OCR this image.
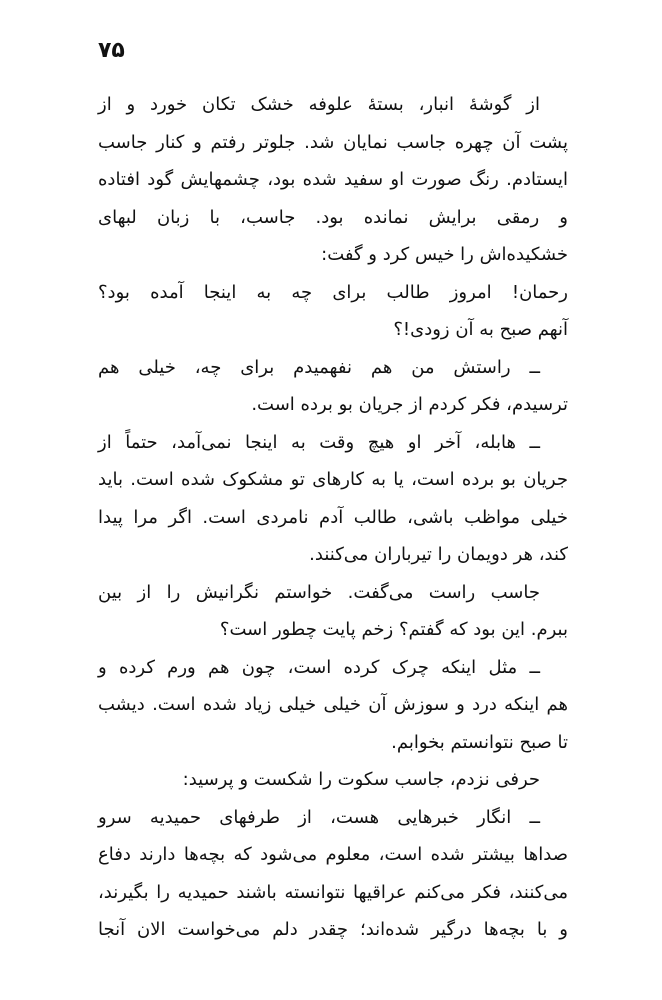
۷۵
از گوشهٔ انبار، بستهٔ علوفه خشک تکان خورد و از
پشت آن چهره جاسب نمایان شد. جلوتر رفتم و کنار جاسب
ایستادم. رنگ صورت او سفید شده بود، چشمهایش گود افتاده
و رمقی برایش نمانده بود. جاسب، با زبان لبهای
خشکیده‌اش را خیس کرد و گفت:
رحمان! امروز طالب برای چه به اینجا آمده بود؟
آنهم صبح به آن زودی!؟
ــ راستش من هم نفهمیدم برای چه، خیلی هم
ترسیدم، فکر کردم از جریان بو برده است.
ــ هابله، آخر او هیچ وقت به اینجا نمی‌آمد، حتماً از
جریان بو برده است، یا به کارهای تو مشکوک شده است. باید
خیلی مواظب باشی، طالب آدم نامردی است. اگر مرا پیدا
کند، هر دویمان را تیرباران می‌کنند.
جاسب راست می‌گفت. خواستم نگرانیش را از بین
ببرم. این بود که گفتم؟ زخم پایت چطور است؟
ــ مثل اینکه چرک کرده است، چون هم ورم کرده و
هم اینکه درد و سوزش آن خیلی خیلی زیاد شده است. دیشب
تا صبح نتوانستم بخوابم.
حرفی نزدم، جاسب سکوت را شکست و پرسید:
ــ انگار خبرهایی هست، از طرفهای حمیدیه سرو
صداها بیشتر شده است، معلوم می‌شود که بچه‌ها دارند دفاع
می‌کنند، فکر می‌کنم عراقیها نتوانسته باشند حمیدیه را بگیرند،
و با بچه‌ها درگیر شده‌اند؛ چقدر دلم می‌خواست الان آنجا
